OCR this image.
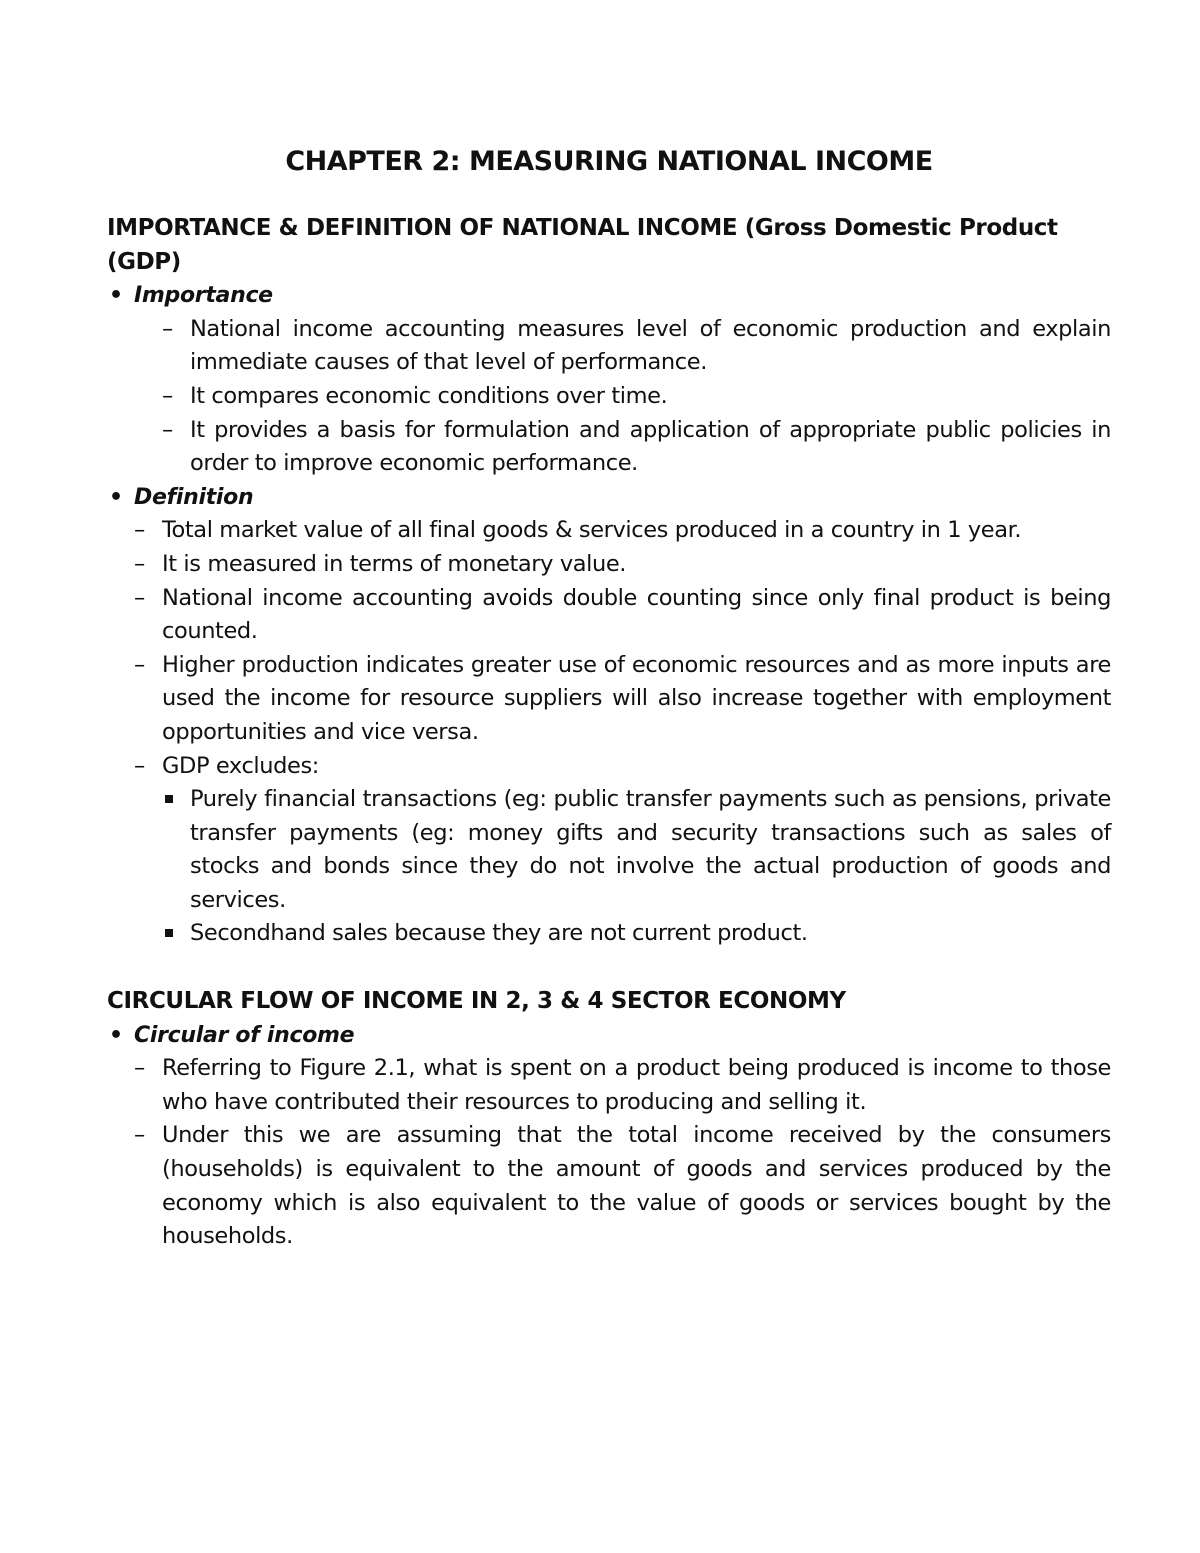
CHAPTER 2: MEASURING NATIONAL INCOME
IMPORTANCE & DEFINITION OF NATIONAL INCOME (Gross Domestic Product (GDP)
• Importance
– National income accounting measures level of economic production and explain immediate causes of that level of performance.
– It compares economic conditions over time.
– It provides a basis for formulation and application of appropriate public policies in order to improve economic performance.
• Definition
– Total market value of all final goods & services produced in a country in 1 year.
– It is measured in terms of monetary value.
– National income accounting avoids double counting since only final product is being counted.
– Higher production indicates greater use of economic resources and as more inputs are used the income for resource suppliers will also increase together with employment opportunities and vice versa.
– GDP excludes:
Purely financial transactions (eg: public transfer payments such as pensions, private transfer payments (eg: money gifts and security transactions such as sales of stocks and bonds since they do not involve the actual production of goods and services.
Secondhand sales because they are not current product.
CIRCULAR FLOW OF INCOME IN 2, 3 & 4 SECTOR ECONOMY
• Circular of income
– Referring to Figure 2.1, what is spent on a product being produced is income to those who have contributed their resources to producing and selling it.
– Under this we are assuming that the total income received by the consumers (households) is equivalent to the amount of goods and services produced by the economy which is also equivalent to the value of goods or services bought by the households.
